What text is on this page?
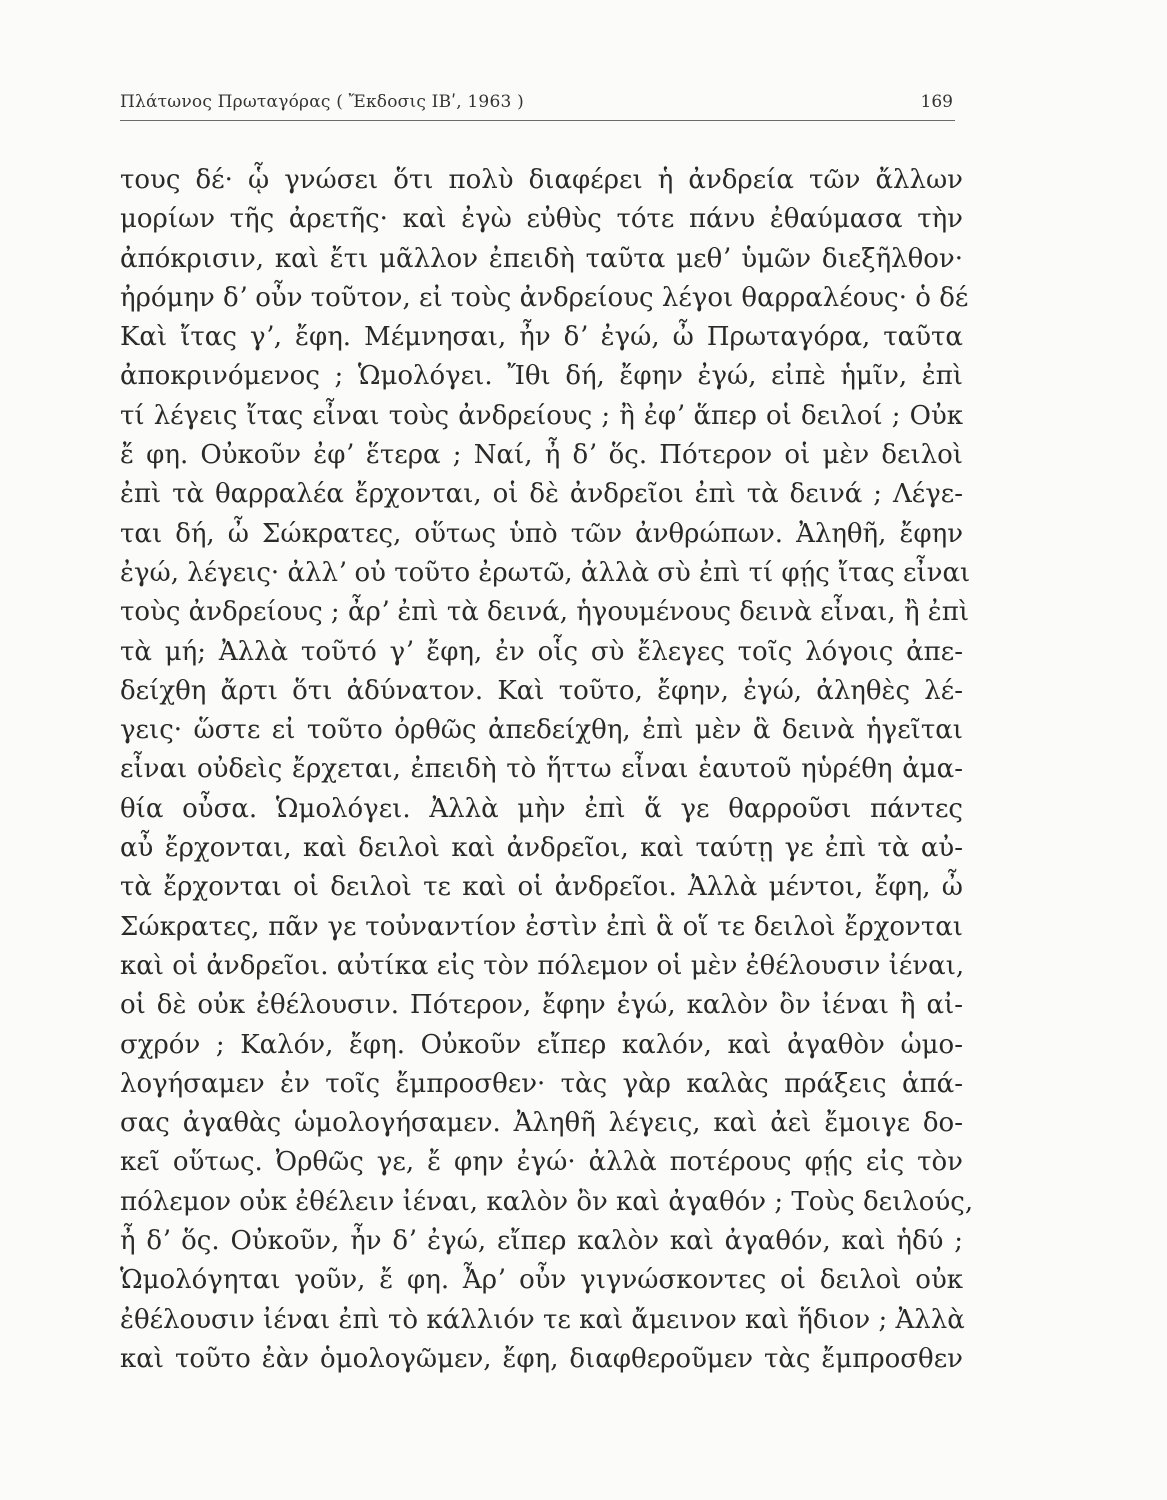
Πλάτωνος Πρωταγόρας ( Ἔκδοσις ΙΒʹ, 1963 )	169
τους δέ· ᾧ γνώσει ὅτι πολὺ διαφέρει ἡ ἀνδρεία τῶν ἄλλων
μορίων τῆς ἀρετῆς· καὶ ἐγὼ εὐθὺς τότε πάνυ ἐθαύμασα τὴν
ἀπόκρισιν, καὶ ἔτι μᾶλλον ἐπειδὴ ταῦτα μεθʼ ὑμῶν διεξῆλθον·
ἠρόμην δʼ οὖν τοῦτον, εἰ τοὺς ἀνδρείους λέγοι θαρραλέους· ὁ δέ
Καὶ ἴτας γʼ, ἔφη. Μέμνησαι, ἦν δʼ ἐγώ, ὦ Πρωταγόρα, ταῦτα
ἀποκρινόμενος ; Ὡμολόγει. Ἴθι δή, ἔφην ἐγώ, εἰπὲ ἡμῖν, ἐπὶ
τί λέγεις ἴτας εἶναι τοὺς ἀνδρείους ; ἢ ἐφʼ ἅπερ οἱ δειλοί ; Οὐκ
ἔ φη. Οὐκοῦν ἐφʼ ἕτερα ; Ναί, ἦ δʼ ὅς. Πότερον οἱ μὲν δειλοὶ
ἐπὶ τὰ θαρραλέα ἔρχονται, οἱ δὲ ἀνδρεῖοι ἐπὶ τὰ δεινά ; Λέγε-
ται δή, ὦ Σώκρατες, οὕτως ὑπὸ τῶν ἀνθρώπων. Ἀληθῆ, ἔφην
ἐγώ, λέγεις· ἀλλʼ οὐ τοῦτο ἐρωτῶ, ἀλλὰ σὺ ἐπὶ τί φῄς ἴτας εἶναι
τοὺς ἀνδρείους ; ἆρʼ ἐπὶ τὰ δεινά, ἡγουμένους δεινὰ εἶναι, ἢ ἐπὶ
τὰ μή; Ἀλλὰ τοῦτό γʼ ἔφη, ἐν οἷς σὺ ἔλεγες τοῖς λόγοις ἀπε-
δείχθη ἄρτι ὅτι ἀδύνατον. Καὶ τοῦτο, ἔφην, ἐγώ, ἀληθὲς λέ-
γεις· ὥστε εἰ τοῦτο ὀρθῶς ἀπεδείχθη, ἐπὶ μὲν ἃ δεινὰ ἡγεῖται
εἶναι οὐδεὶς ἔρχεται, ἐπειδὴ τὸ ἥττω εἶναι ἑαυτοῦ ηὑρέθη ἀμα-
θία οὖσα. Ὡμολόγει. Ἀλλὰ μὴν ἐπὶ ἅ γε θαρροῦσι πάντες
αὖ ἔρχονται, καὶ δειλοὶ καὶ ἀνδρεῖοι, καὶ ταύτῃ γε ἐπὶ τὰ αὐ-
τὰ ἔρχονται οἱ δειλοὶ τε καὶ οἱ ἀνδρεῖοι. Ἀλλὰ μέντοι, ἔφη, ὦ
Σώκρατες, πᾶν γε τοὐναντίον ἐστὶν ἐπὶ ἃ οἵ τε δειλοὶ ἔρχονται
καὶ οἱ ἀνδρεῖοι. αὐτίκα εἰς τὸν πόλεμον οἱ μὲν ἐθέλουσιν ἰέναι,
οἱ δὲ οὐκ ἐθέλουσιν. Πότερον, ἔφην ἐγώ, καλὸν ὂν ἰέναι ἢ αἰ-
σχρόν ; Καλόν, ἔφη. Οὐκοῦν εἴπερ καλόν, καὶ ἀγαθὸν ὡμο-
λογήσαμεν ἐν τοῖς ἔμπροσθεν· τὰς γὰρ καλὰς πράξεις ἁπά-
σας ἀγαθὰς ὡμολογήσαμεν. Ἀληθῆ λέγεις, καὶ ἀεὶ ἔμοιγε δο-
κεῖ οὕτως. Ὀρθῶς γε, ἔ φην ἐγώ· ἀλλὰ ποτέρους φῄς εἰς τὸν
πόλεμον οὐκ ἐθέλειν ἰέναι, καλὸν ὂν καὶ ἀγαθόν ; Τοὺς δειλούς,
ἦ δʼ ὅς. Οὐκοῦν, ἦν δʼ ἐγώ, εἴπερ καλὸν καὶ ἀγαθόν, καὶ ἡδύ ;
Ὡμολόγηται γοῦν, ἔ φη. Ἆρʼ οὖν γιγνώσκοντες οἱ δειλοὶ οὐκ
ἐθέλουσιν ἰέναι ἐπὶ τὸ κάλλιόν τε καὶ ἄμεινον καὶ ἥδιον ; Ἀλλὰ
καὶ τοῦτο ἐὰν ὁμολογῶμεν, ἔφη, διαφθεροῦμεν τὰς ἔμπροσθεν
